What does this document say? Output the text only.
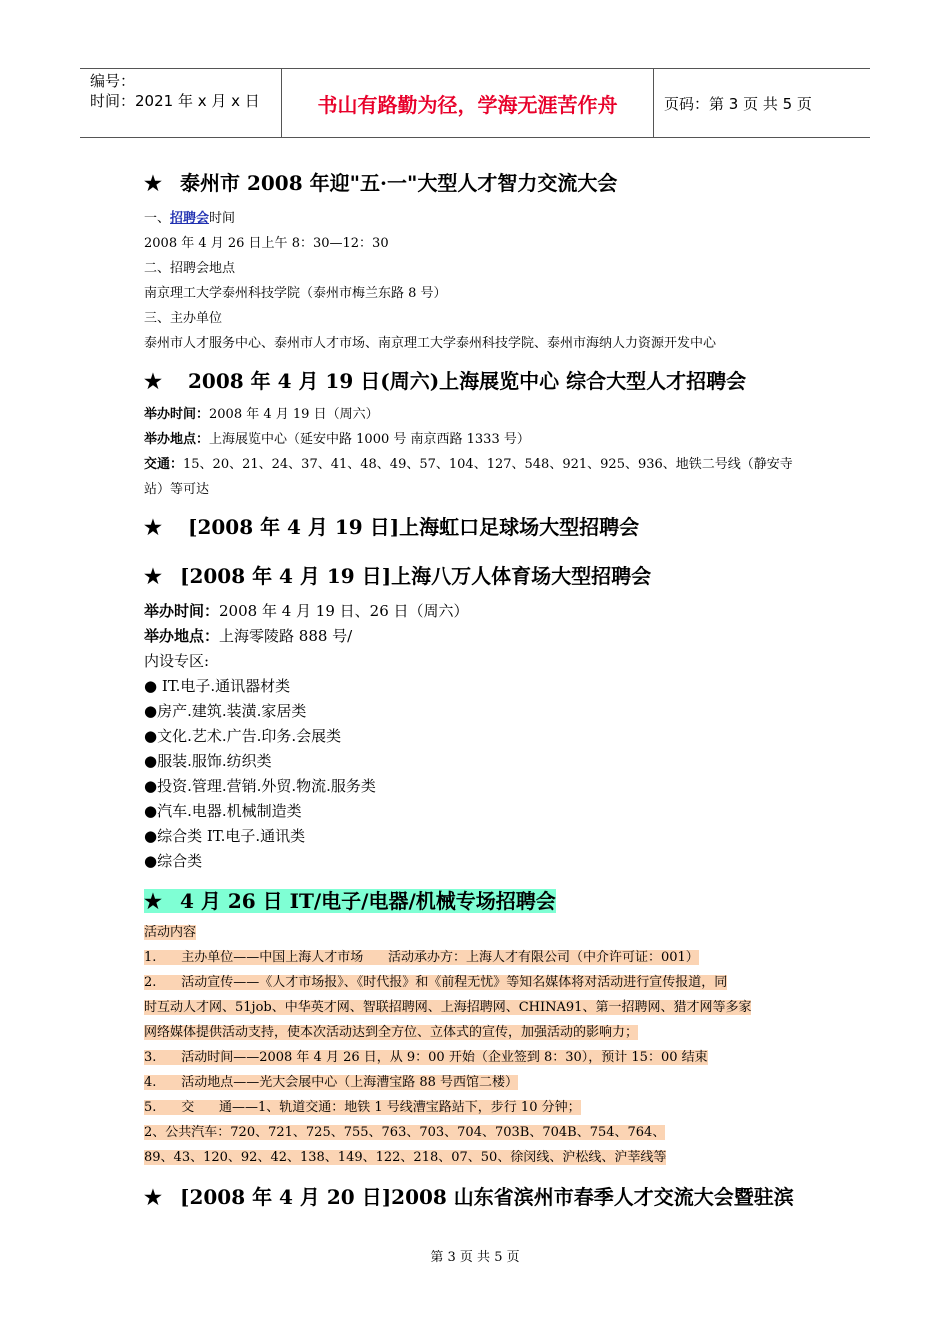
编号：
时间：2021 年 x 月 x 日	书山有路勤为径，学海无涯苦作舟	页码：第 3 页 共 5 页

★ 泰州市 2008 年迎"五·一"大型人才智力交流大会

一、招聘会时间

2008 年 4 月 26 日上午 8：30—12：30

二、招聘会地点

南京理工大学泰州科技学院（泰州市梅兰东路 8 号）

三、主办单位

泰州市人才服务中心、泰州市人才市场、南京理工大学泰州科技学院、泰州市海纳人力资源开发中心

★ 2008 年 4 月 19 日(周六)上海展览中心 综合大型人才招聘会

举办时间：2008 年 4 月 19 日（周六）

举办地点：上海展览中心（延安中路 1000 号 南京西路 1333 号）

交通：15、20、21、24、37、41、48、49、57、104、127、548、921、925、936、地铁二号线（静安寺

站）等可达

★ [2008 年 4 月 19 日]上海虹口足球场大型招聘会

★ [2008 年 4 月 19 日]上海八万人体育场大型招聘会

举办时间：2008 年 4 月 19 日、26 日（周六）

举办地点：上海零陵路 888 号/

内设专区:

● IT.电子.通讯器材类

●房产.建筑.装潢.家居类

●文化.艺术.广告.印务.会展类

●服装.服饰.纺织类

●投资.管理.营销.外贸.物流.服务类

●汽车.电器.机械制造类

●综合类 IT.电子.通讯类

●综合类

★ 4 月 26 日 IT/电子/电器/机械专场招聘会

活动内容

1.      主办单位——中国上海人才市场      活动承办方：上海人才有限公司（中介许可证：001）

2.      活动宣传——《人才市场报》、《时代报》和《前程无忧》等知名媒体将对活动进行宣传报道，同

时互动人才网、51job、中华英才网、智联招聘网、上海招聘网、CHINA91、第一招聘网、猎才网等多家

网络媒体提供活动支持，使本次活动达到全方位、立体式的宣传，加强活动的影响力；

3.      活动时间——2008 年 4 月 26 日，从 9：00 开始（企业签到 8：30），预计 15：00 结束

4.      活动地点——光大会展中心（上海漕宝路 88 号西馆二楼）

5.      交      通——1、轨道交通：地铁 1 号线漕宝路站下，步行 10 分钟；

2、公共汽车：720、721、725、755、763、703、704、703B、704B、754、764、

89、43、120、92、42、138、149、122、218、07、50、徐闵线、沪松线、沪莘线等

★ [2008 年 4 月 20 日]2008 山东省滨州市春季人才交流大会暨驻滨

第 3 页 共 5 页
